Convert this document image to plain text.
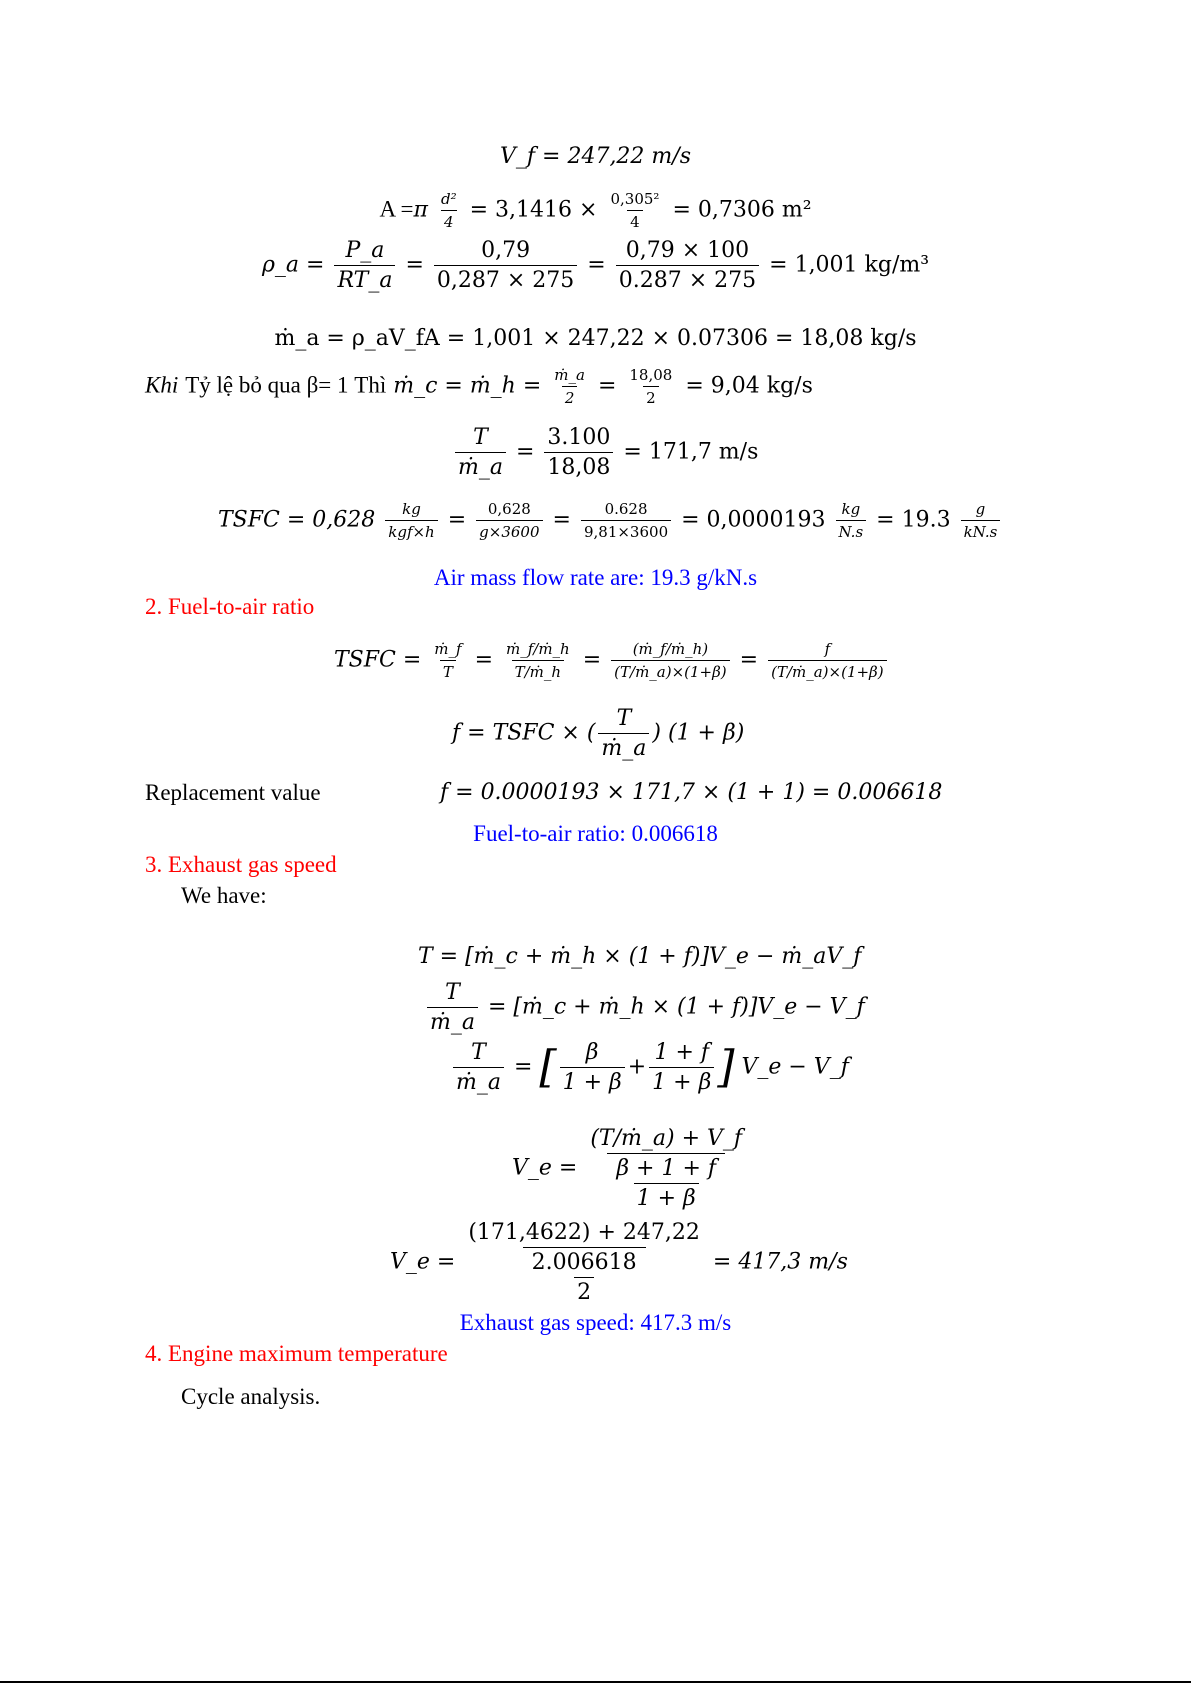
V_f = 247,22 m/s
$A =\pi \frac{\text{d²}}{4} = 3,1416 \times \frac{\text{0,305²}}{4} = 0,7306$ m²
ρ_a = $\frac{P\_a}{RT\_a} = \frac{0,79}{0,287 \times 275} = \frac{0,79 \times 100}{0.287 \times 275} = 1,001$ kg/m³
ṁ_a = ρ_aV_fA = 1,001 × 247,22 × 0.07306 = 18,08 kg/s
Khi Tỷ lệ bỏ qua β= 1 Thì ṁ_c = ṁ_h = $\frac{\text{ṁ\_a}}{2} = \frac{18,08}{2} = 9,04$ kg/s
$\frac{T}{\text{ṁ\_a}} = \frac{3.100}{18,08} = 171,7$ m/s
TSFC = $0,628 \frac{kg}{\text{kgf×h}} = \frac{0,628}{g\times 3600} = \frac{0.628}{9,81\times 3600} = 0,0000193 \frac{kg}{N.s} = 19.3 \frac{g}{kN.s}$
Air mass flow rate are: 19.3 g/kN.s
2. Fuel-to-air ratio
TSFC = $\frac{\text{ṁ\_f}}{T} = \frac{\text{ṁ\_f/ṁ\_h}}{\text{T/ṁ\_h}} = \frac{\text{(ṁ\_f/ṁ\_h)}}{\text{(T/ṁ\_a)×(1+β)}} = \frac{f}{\text{(T/ṁ\_a)×(1+β)}}$
f = TSFC × ( $\frac{T}{\text{ṁ\_a}}$ ) (1 + β)
Replacement value	f = 0.0000193 × 171,7 × (1 + 1) = 0.006618
Fuel-to-air ratio: 0.006618
3. Exhaust gas speed
We have:
T = [ṁ_c + ṁ_h × (1 + f)]V_e − ṁ_aV_f
$\frac{T}{\text{ṁ\_a}}$ = [ṁ_c + ṁ_h × (1 + f)]V_e − V_f
$\frac{T}{\text{ṁ\_a}}$ = [ $\frac{\beta}{1 + \beta} + \frac{1 + f}{1 + \beta}$ ] V_e − V_f
V_e = $\frac{\text{(T/ṁ\_a) + V\_f}}{\frac{\beta + 1 + f}{1 + \beta}}$
V_e = $\frac{(171,4622) + 247,22}{\frac{2.006618}{2}} = 417,3$ m/s
Exhaust gas speed: 417.3 m/s
4. Engine maximum temperature
Cycle analysis.
